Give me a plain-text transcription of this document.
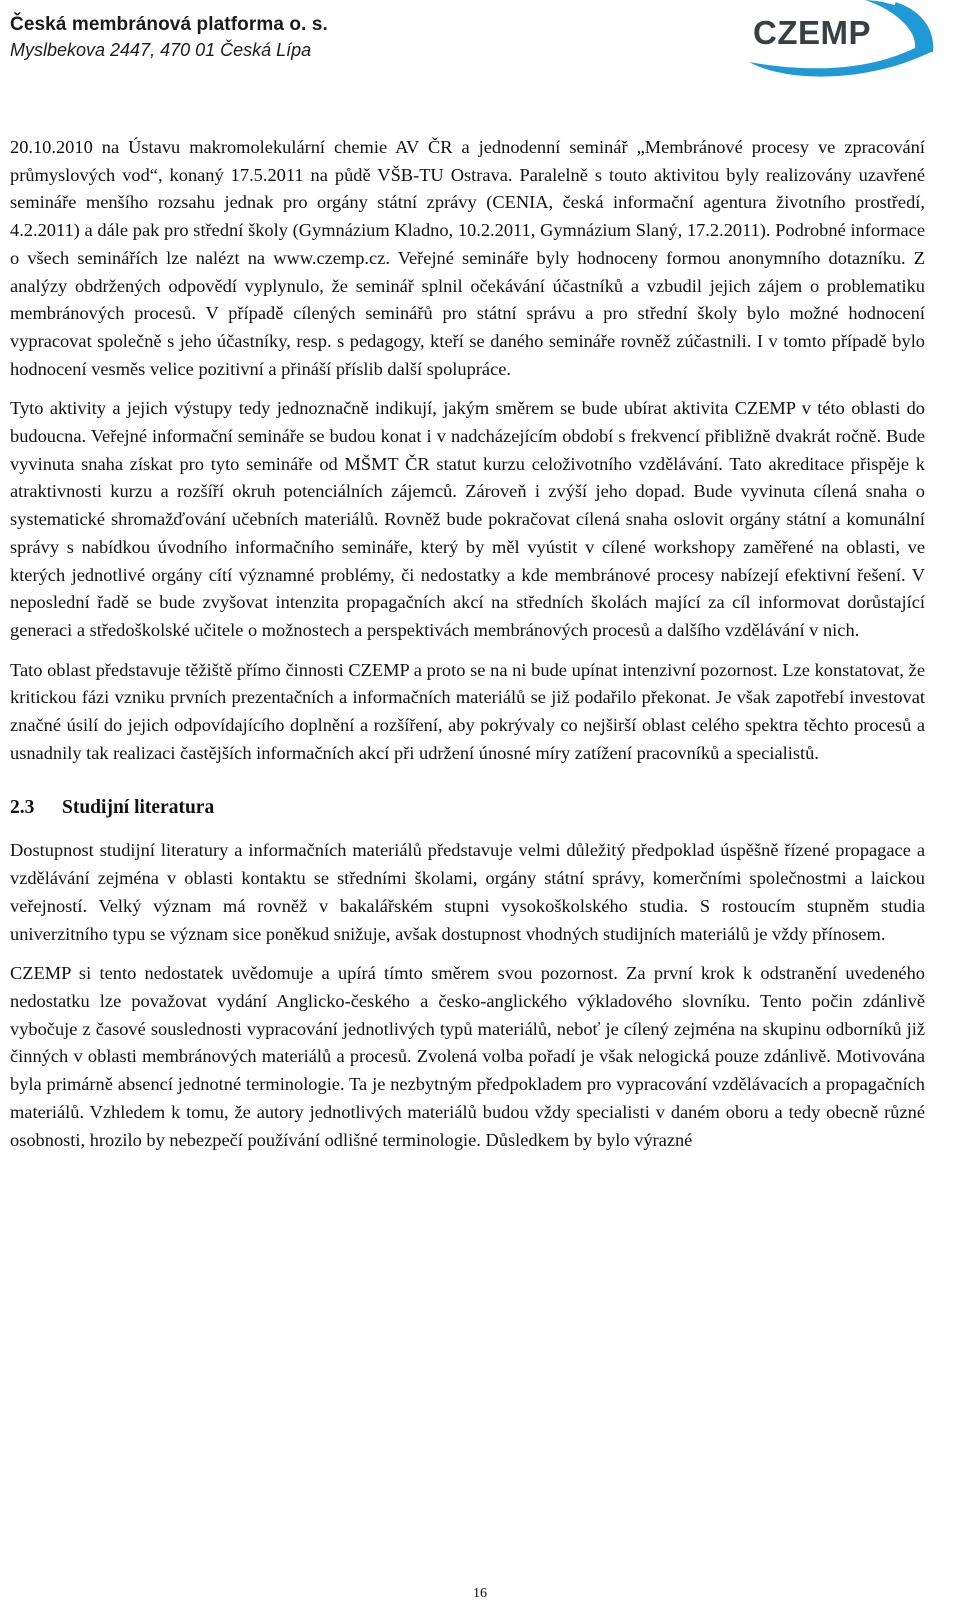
Česká membránová platforma o. s.
Myslbekova 2447, 470 01 Česká Lípa	CZEMP

20.10.2010 na Ústavu makromolekulární chemie AV ČR a jednodenní seminář „Membránové procesy ve zpracování průmyslových vod“, konaný 17.5.2011 na půdě VŠB-TU Ostrava. Paralelně s touto aktivitou byly realizovány uzavřené semináře menšího rozsahu jednak pro orgány státní zprávy (CENIA, česká informační agentura životního prostředí, 4.2.2011) a dále pak pro střední školy (Gymnázium Kladno, 10.2.2011, Gymnázium Slaný, 17.2.2011). Podrobné informace o všech seminářích lze nalézt na www.czemp.cz. Veřejné semináře byly hodnoceny formou anonymního dotazníku. Z analýzy obdržených odpovědí vyplynulo, že seminář splnil očekávání účastníků a vzbudil jejich zájem o problematiku membránových procesů. V případě cílených seminářů pro státní správu a pro střední školy bylo možné hodnocení vypracovat společně s jeho účastníky, resp. s pedagogy, kteří se daného semináře rovněž zúčastnili. I v tomto případě bylo hodnocení vesměs velice pozitivní a přináší příslib další spolupráce.

Tyto aktivity a jejich výstupy tedy jednoznačně indikují, jakým směrem se bude ubírat aktivita CZEMP v této oblasti do budoucna. Veřejné informační semináře se budou konat i v nadcházejícím období s frekvencí přibližně dvakrát ročně. Bude vyvinuta snaha získat pro tyto semináře od MŠMT ČR statut kurzu celoživotního vzdělávání. Tato akreditace přispěje k atraktivnosti kurzu a rozšíří okruh potenciálních zájemců. Zároveň i zvýší jeho dopad. Bude vyvinuta cílená snaha o systematické shromažďování učebních materiálů. Rovněž bude pokračovat cílená snaha oslovit orgány státní a komunální správy s nabídkou úvodního informačního semináře, který by měl vyústit v cílené workshopy zaměřené na oblasti, ve kterých jednotlivé orgány cítí významné problémy, či nedostatky a kde membránové procesy nabízejí efektivní řešení. V neposlední řadě se bude zvyšovat intenzita propagačních akcí na středních školách mající za cíl informovat dorůstající generaci a středoškolské učitele o možnostech a perspektivách membránových procesů a dalšího vzdělávání v nich.

Tato oblast představuje těžiště přímo činnosti CZEMP a proto se na ni bude upínat intenzivní pozornost. Lze konstatovat, že kritickou fázi vzniku prvních prezentačních a informačních materiálů se již podařilo překonat. Je však zapotřebí investovat značné úsilí do jejich odpovídajícího doplnění a rozšíření, aby pokrývaly co nejširší oblast celého spektra těchto procesů a usnadnily tak realizaci častějších informačních akcí při udržení únosné míry zatížení pracovníků a specialistů.

2.3	Studijní literatura

Dostupnost studijní literatury a informačních materiálů představuje velmi důležitý předpoklad úspěšně řízené propagace a vzdělávání zejména v oblasti kontaktu se středními školami, orgány státní správy, komerčními společnostmi a laickou veřejností. Velký význam má rovněž v bakalářském stupni vysokoškolského studia. S rostoucím stupněm studia univerzitního typu se význam sice poněkud snižuje, avšak dostupnost vhodných studijních materiálů je vždy přínosem.

CZEMP si tento nedostatek uvědomuje a upírá tímto směrem svou pozornost. Za první krok k odstranění uvedeného nedostatku lze považovat vydání Anglicko-českého a česko-anglického výkladového slovníku. Tento počin zdánlivě vybočuje z časové souslednosti vypracování jednotlivých typů materiálů, neboť je cílený zejména na skupinu odborníků již činných v oblasti membránových materiálů a procesů. Zvolená volba pořadí je však nelogická pouze zdánlivě. Motivována byla primárně absencí jednotné terminologie. Ta je nezbytným předpokladem pro vypracování vzdělávacích a propagačních materiálů. Vzhledem k tomu, že autory jednotlivých materiálů budou vždy specialisti v daném oboru a tedy obecně různé osobnosti, hrozilo by nebezpečí používání odlišné terminologie. Důsledkem by bylo výrazné

16
